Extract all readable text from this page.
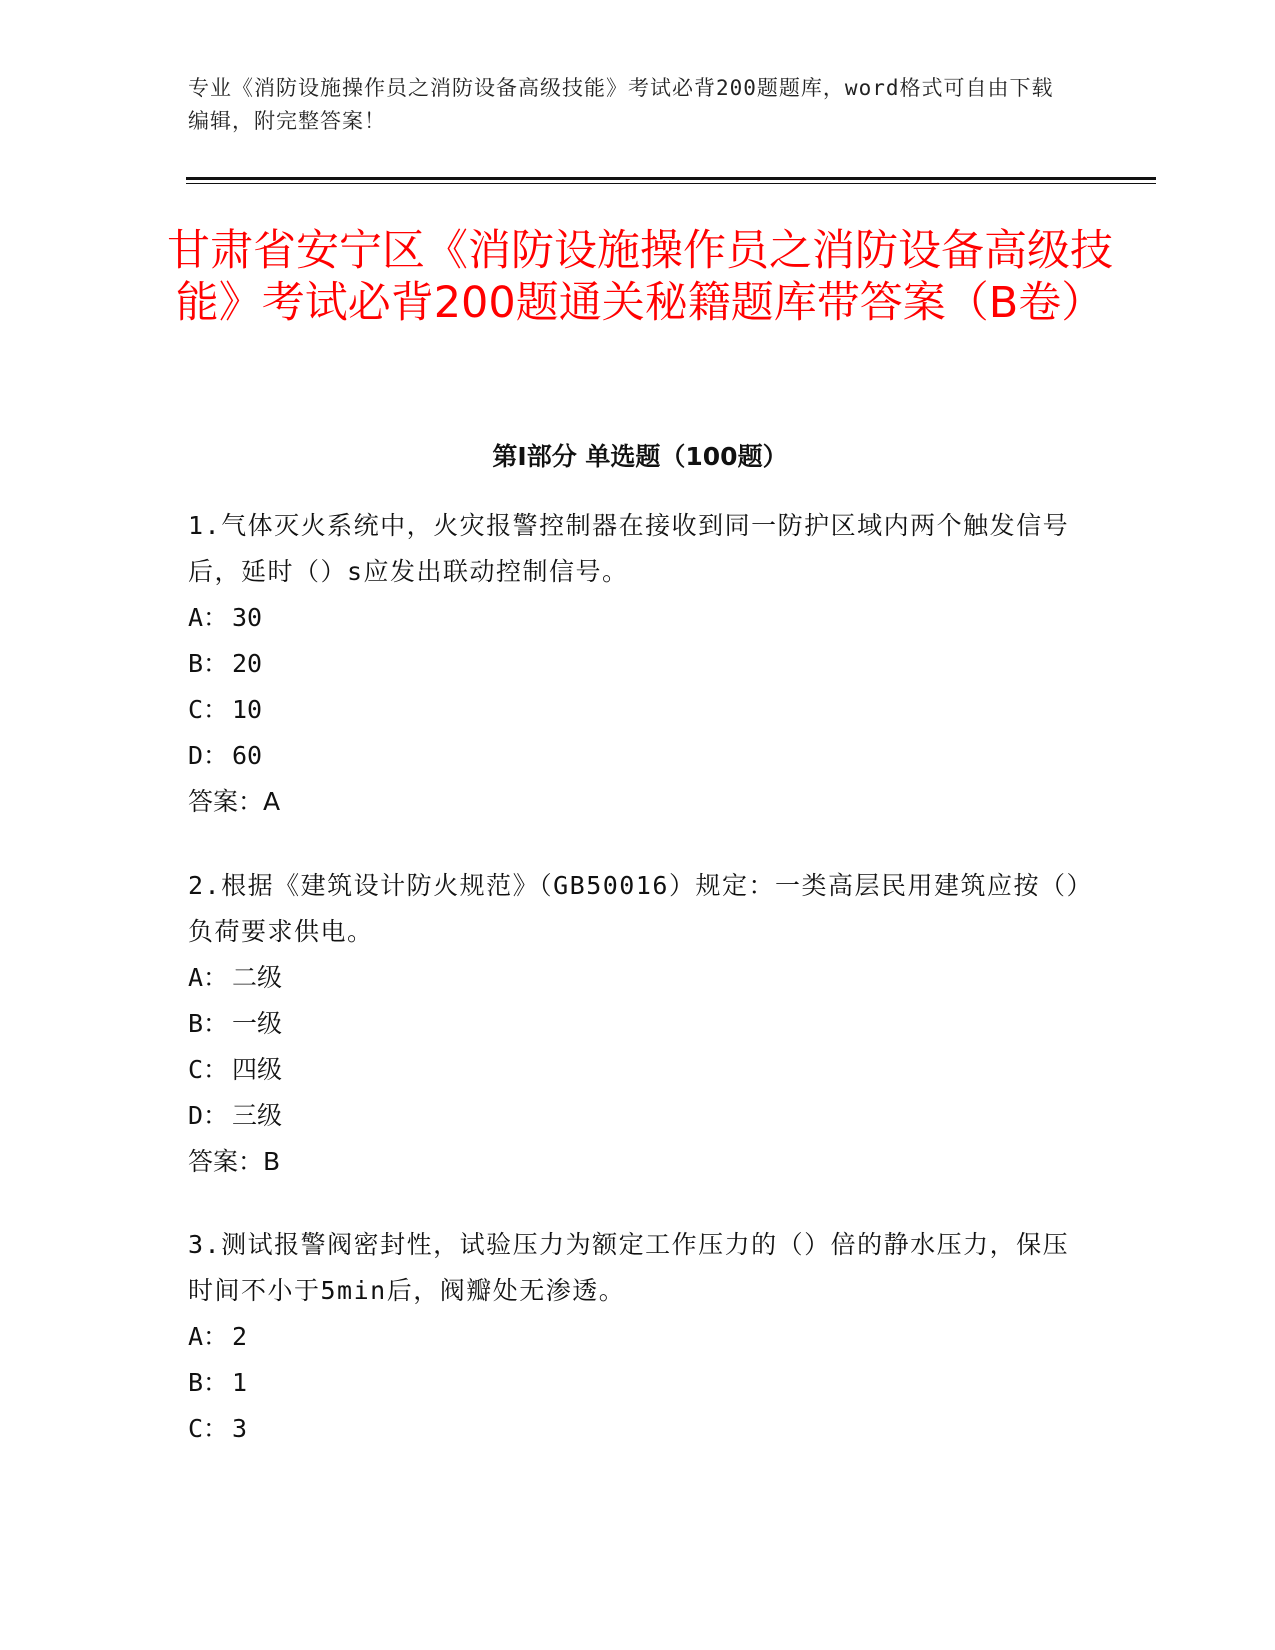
专业《消防设施操作员之消防设备高级技能》考试必背200题题库，word格式可自由下载编辑，附完整答案！
甘肃省安宁区《消防设施操作员之消防设备高级技能》考试必背200题通关秘籍题库带答案（B卷）
第I部分 单选题（100题）

1.气体灭火系统中，火灾报警控制器在接收到同一防护区域内两个触发信号后，延时（）s应发出联动控制信号。

A： 30
B： 20
C： 10
D： 60

答案：A

2.根据《建筑设计防火规范》（GB50016）规定：一类高层民用建筑应按（）负荷要求供电。

A： 二级
B： 一级
C： 四级
D： 三级

答案：B

3.测试报警阀密封性，试验压力为额定工作压力的（）倍的静水压力，保压时间不小于5min后，阀瓣处无渗透。

A： 2
B： 1
C： 3
